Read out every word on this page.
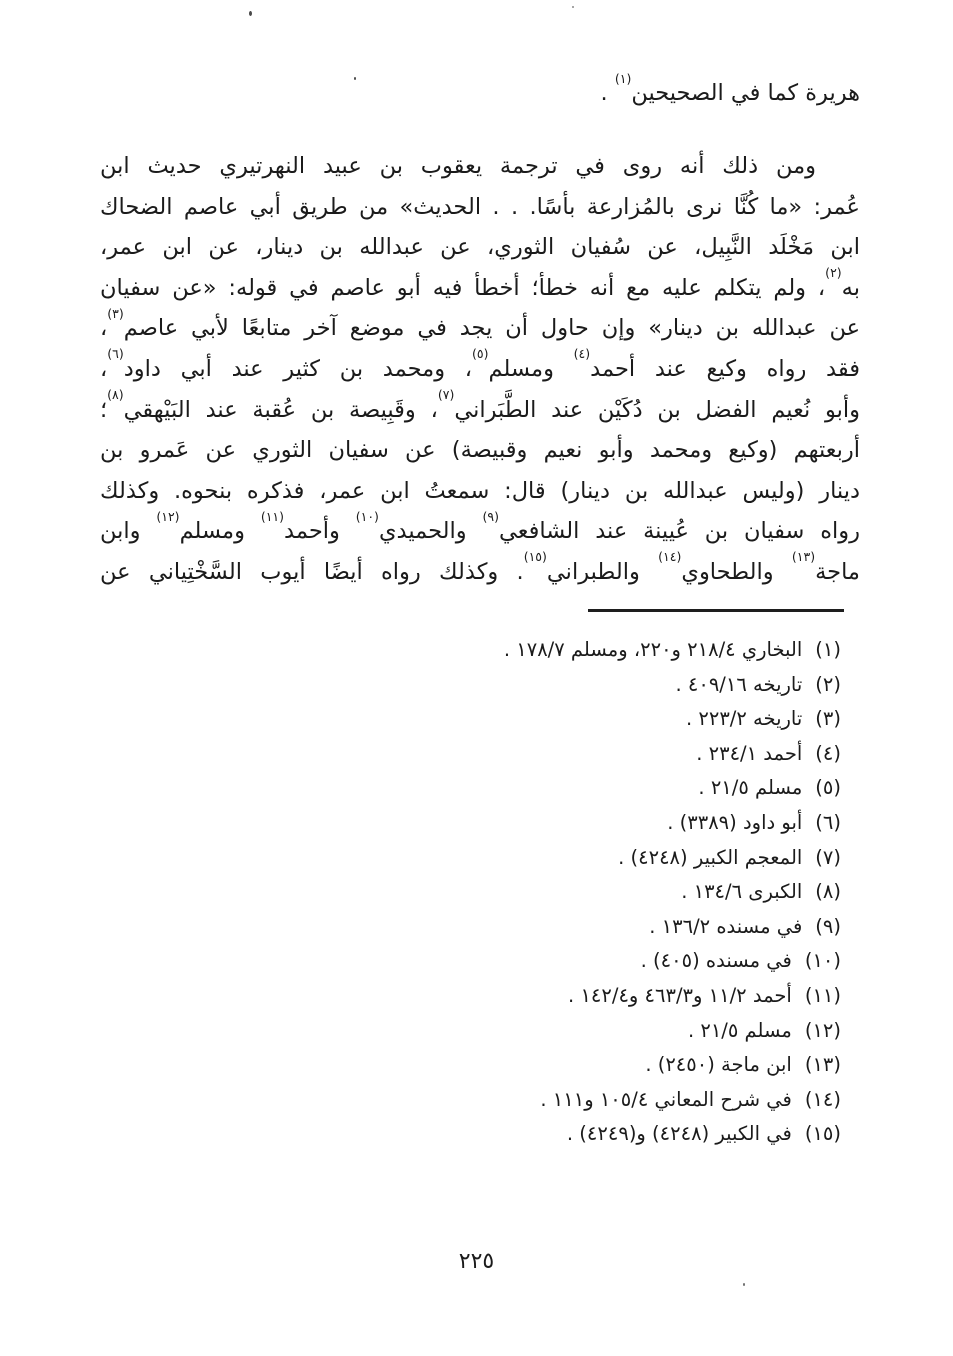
هريرة كما في الصحيحين$^{(١)}$ .
ومن ذلك أنه روى في ترجمة يعقوب بن عبيد النهرتيري حديث ابن
عُمر: «ما كُنَّا نرى بالمُزارعة بأسًا. . . الحديث» من طريق أبي عاصم الضحاك
ابن مَخْلَد النَّبِيل، عن سُفيان الثوري، عن عبدالله بن دينار، عن ابن عمر،
به$^{(٢)}$، ولم يتكلم عليه مع أنه خطأ؛ أخطأ فيه أبو عاصم في قوله: «عن سفيان
عن عبدالله بن دينار» وإن حاول أن يجد في موضع آخر متابعًا لأبي عاصم$^{(٣)}$،
فقد رواه وكيع عند أحمد$^{(٤)}$ ومسلم$^{(٥)}$، ومحمد بن كثير عند أبي داود$^{(٦)}$،
وأبو نُعيم الفضل بن دُكَيْن عند الطَّبَراني$^{(٧)}$، وقَبِيصة بن عُقبة عند البَيْهقي$^{(٨)}$؛
أربعتهم (وكيع ومحمد وأبو نعيم وقبيصة) عن سفيان الثوري عن عَمرو بن
دينار (وليس عبدالله بن دينار) قال: سمعتُ ابن عمر، فذكره بنحوه. وكذلك
رواه سفيان بن عُيينة عند الشافعي$^{(٩)}$ والحميدي$^{(١٠)}$ وأحمد$^{(١١)}$ ومسلم$^{(١٢)}$ وابن
ماجة$^{(١٣)}$ والطحاوي$^{(١٤)}$ والطبراني$^{(١٥)}$. وكذلك رواه أيضًا أيوب السَّخْتِياني عن
(١)البخاري ٢١٨/٤ و٢٢٠، ومسلم ١٧٨/٧ .
(٢)تاريخه ٤٠٩/١٦ .
(٣)تاريخه ٢٢٣/٢ .
(٤)أحمد ٢٣٤/١ .
(٥)مسلم ٢١/٥ .
(٦)أبو داود (٣٣٨٩) .
(٧)المعجم الكبير (٤٢٤٨) .
(٨)الكبرى ١٣٤/٦ .
(٩)في مسنده ١٣٦/٢ .
(١٠)في مسنده (٤٠٥) .
(١١)أحمد ١١/٢ و٤٦٣/٣ و١٤٢/٤ .
(١٢)مسلم ٢١/٥ .
(١٣)ابن ماجة (٢٤٥٠) .
(١٤)في شرح المعاني ١٠٥/٤ و١١١ .
(١٥)في الكبير (٤٢٤٨) و(٤٢٤٩) .
٢٢٥
